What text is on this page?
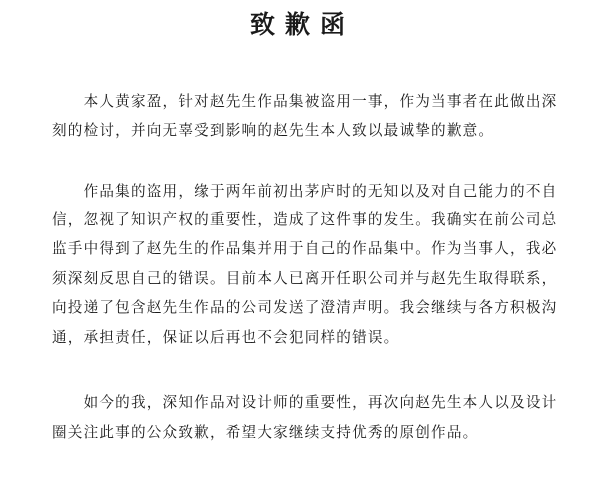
致歉函
　　本人黄家盈，针对赵先生作品集被盗用一事，作为当事者在此做出深
刻的检讨，并向无辜受到影响的赵先生本人致以最诚挚的歉意。
　　作品集的盗用，缘于两年前初出茅庐时的无知以及对自己能力的不自
信，忽视了知识产权的重要性，造成了这件事的发生。我确实在前公司总
监手中得到了赵先生的作品集并用于自己的作品集中。作为当事人，我必
须深刻反思自己的错误。目前本人已离开任职公司并与赵先生取得联系，
向投递了包含赵先生作品的公司发送了澄清声明。我会继续与各方积极沟
通，承担责任，保证以后再也不会犯同样的错误。
　　如今的我，深知作品对设计师的重要性，再次向赵先生本人以及设计
圈关注此事的公众致歉，希望大家继续支持优秀的原创作品。
